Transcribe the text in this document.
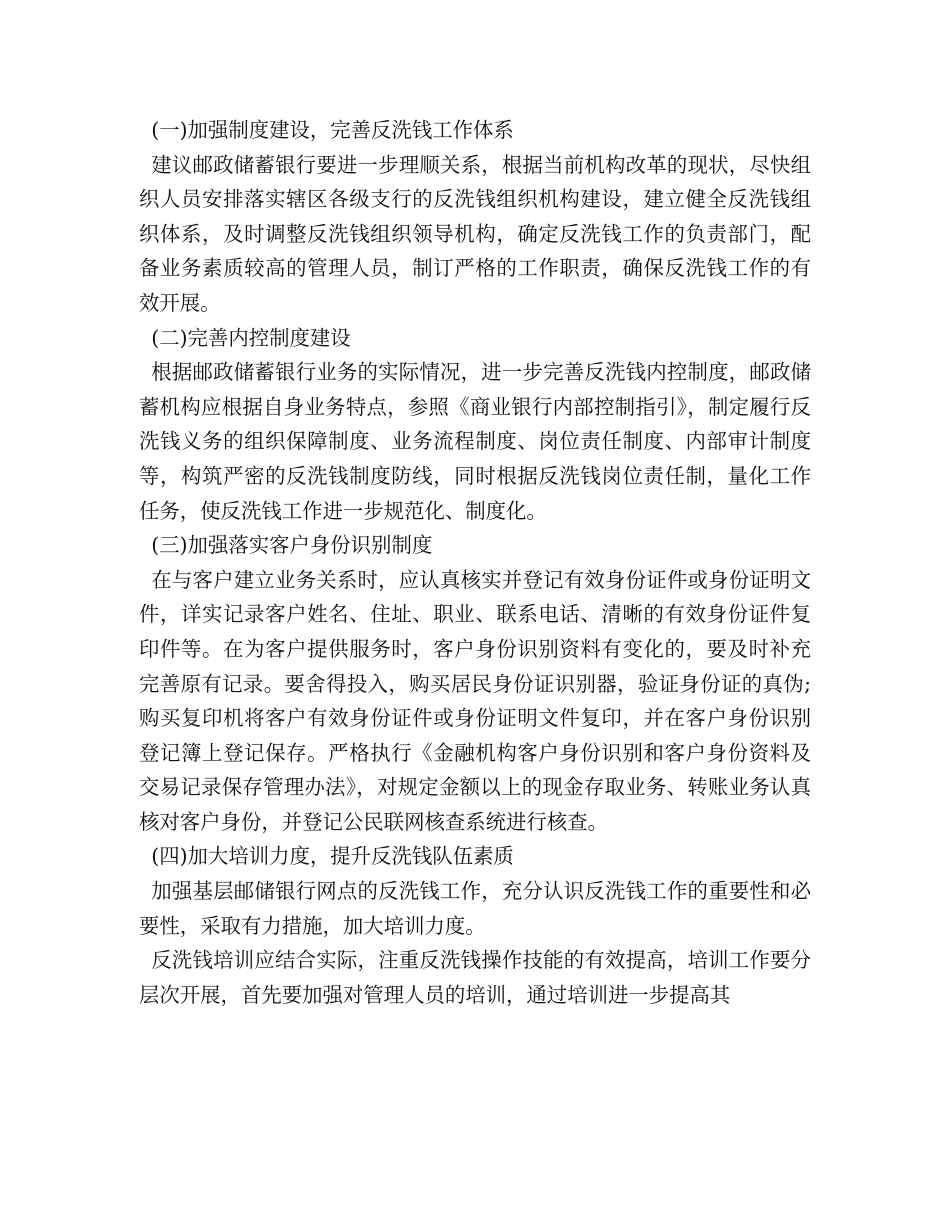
(一)加强制度建设，完善反洗钱工作体系

建议邮政储蓄银行要进一步理顺关系，根据当前机构改革的现状，尽快组织人员安排落实辖区各级支行的反洗钱组织机构建设，建立健全反洗钱组织体系，及时调整反洗钱组织领导机构，确定反洗钱工作的负责部门，配备业务素质较高的管理人员，制订严格的工作职责，确保反洗钱工作的有效开展。

(二)完善内控制度建设

根据邮政储蓄银行业务的实际情况，进一步完善反洗钱内控制度，邮政储蓄机构应根据自身业务特点，参照《商业银行内部控制指引》，制定履行反洗钱义务的组织保障制度、业务流程制度、岗位责任制度、内部审计制度等，构筑严密的反洗钱制度防线，同时根据反洗钱岗位责任制，量化工作任务，使反洗钱工作进一步规范化、制度化。

(三)加强落实客户身份识别制度

在与客户建立业务关系时，应认真核实并登记有效身份证件或身份证明文件，详实记录客户姓名、住址、职业、联系电话、清晰的有效身份证件复印件等。在为客户提供服务时，客户身份识别资料有变化的，要及时补充完善原有记录。要舍得投入，购买居民身份证识别器，验证身份证的真伪;购买复印机将客户有效身份证件或身份证明文件复印，并在客户身份识别登记簿上登记保存。严格执行《金融机构客户身份识别和客户身份资料及交易记录保存管理办法》，对规定金额以上的现金存取业务、转账业务认真核对客户身份，并登记公民联网核查系统进行核查。

(四)加大培训力度，提升反洗钱队伍素质

加强基层邮储银行网点的反洗钱工作，充分认识反洗钱工作的重要性和必要性，采取有力措施，加大培训力度。

反洗钱培训应结合实际，注重反洗钱操作技能的有效提高，培训工作要分层次开展，首先要加强对管理人员的培训，通过培训进一步提高其
